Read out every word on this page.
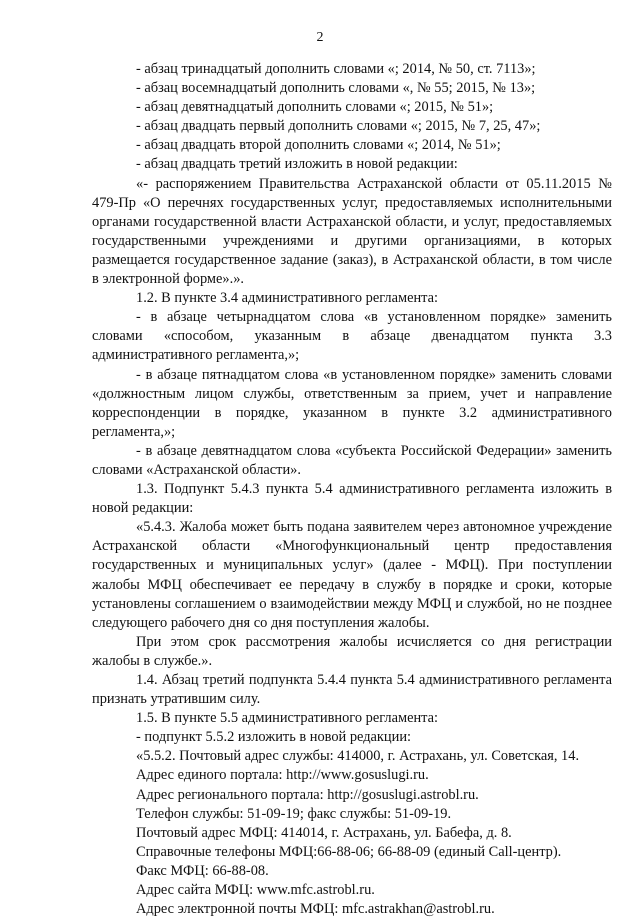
2

- абзац тринадцатый дополнить словами «; 2014, № 50, ст. 7113»;

- абзац восемнадцатый дополнить словами «, № 55; 2015, № 13»;

- абзац девятнадцатый дополнить словами «; 2015, № 51»;

- абзац двадцать первый дополнить словами «; 2015, № 7, 25, 47»;

- абзац двадцать второй дополнить словами «; 2014, № 51»;

- абзац двадцать третий изложить в новой редакции:

«- распоряжением Правительства Астраханской области от 05.11.2015 № 479-Пр «О перечнях государственных услуг, предоставляемых исполнительными органами государственной власти Астраханской области, и услуг, предоставляемых государственными учреждениями и другими организациями, в которых размещается государственное задание (заказ), в Астраханской области, в том числе в электронной форме».».

1.2. В пункте 3.4 административного регламента:

- в абзаце четырнадцатом слова «в установленном порядке» заменить словами «способом, указанным в абзаце двенадцатом пункта 3.3 административного регламента,»;

- в абзаце пятнадцатом слова «в установленном порядке» заменить словами «должностным лицом службы, ответственным за прием, учет и направление корреспонденции в порядке, указанном в пункте 3.2 административного регламента,»;

- в абзаце девятнадцатом слова «субъекта Российской Федерации» заменить словами «Астраханской области».

1.3. Подпункт 5.4.3 пункта 5.4 административного регламента изложить в новой редакции:

«5.4.3. Жалоба может быть подана заявителем через автономное учреждение Астраханской области «Многофункциональный центр предоставления государственных и муниципальных услуг» (далее - МФЦ). При поступлении жалобы МФЦ обеспечивает ее передачу в службу в порядке и сроки, которые установлены соглашением о взаимодействии между МФЦ и службой, но не позднее следующего рабочего дня со дня поступления жалобы.

При этом срок рассмотрения жалобы исчисляется со дня регистрации жалобы в службе.».

1.4. Абзац третий подпункта 5.4.4 пункта 5.4 административного регламента признать утратившим силу.

1.5. В пункте 5.5 административного регламента:

- подпункт 5.5.2 изложить в новой редакции:

«5.5.2. Почтовый адрес службы: 414000, г. Астрахань, ул. Советская, 14.

Адрес единого портала: http://www.gosuslugi.ru.

Адрес регионального портала: http://gosuslugi.astrobl.ru.

Телефон службы: 51-09-19; факс службы: 51-09-19.

Почтовый адрес МФЦ: 414014, г. Астрахань, ул. Бабефа, д. 8.

Справочные телефоны МФЦ:66-88-06; 66-88-09 (единый Call-центр).

Факс МФЦ: 66-88-08.

Адрес сайта МФЦ: www.mfc.astrobl.ru.

Адрес электронной почты МФЦ: mfc.astrakhan@astrobl.ru.
